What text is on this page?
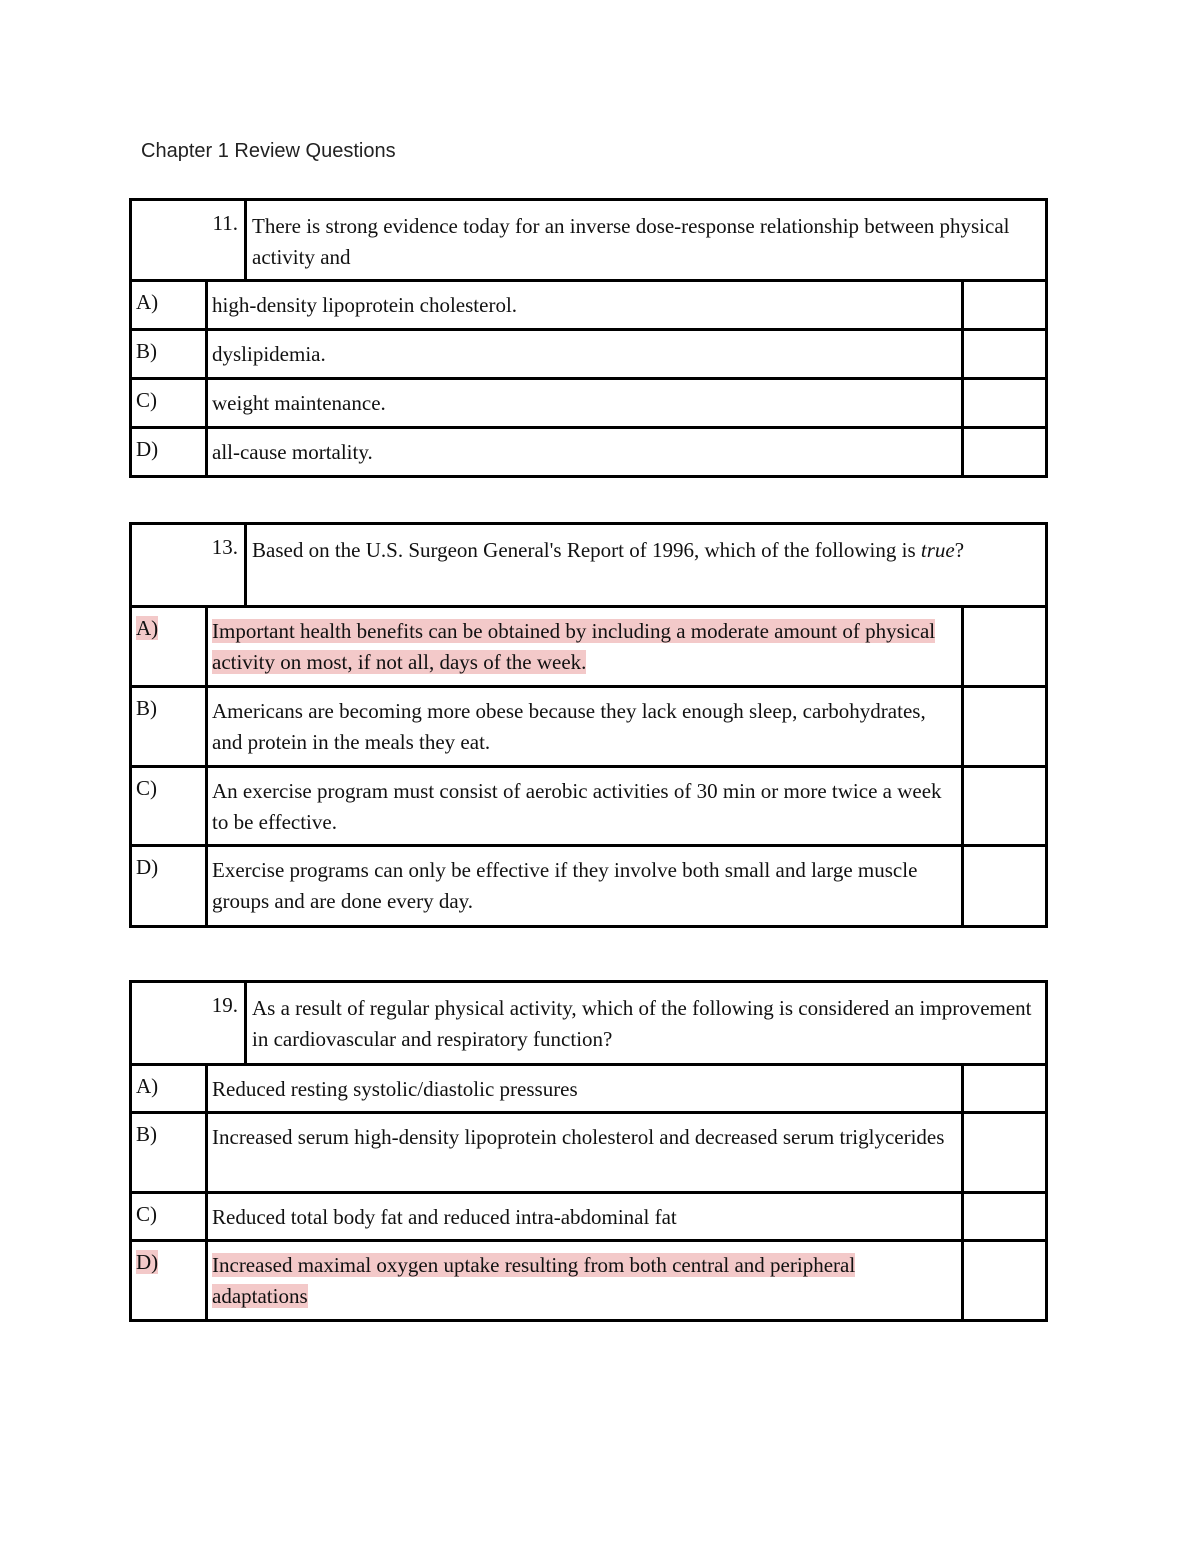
Chapter 1 Review Questions
11. There is strong evidence today for an inverse dose-response relationship between physical activity and
A)	high-density lipoprotein cholesterol.
B)	dyslipidemia.
C)	weight maintenance.
D)	all-cause mortality.
13. Based on the U.S. Surgeon General's Report of 1996, which of the following is true?
A)	Important health benefits can be obtained by including a moderate amount of physical activity on most, if not all, days of the week.
B)	Americans are becoming more obese because they lack enough sleep, carbohydrates, and protein in the meals they eat.
C)	An exercise program must consist of aerobic activities of 30 min or more twice a week to be effective.
D)	Exercise programs can only be effective if they involve both small and large muscle groups and are done every day.
19. As a result of regular physical activity, which of the following is considered an improvement in cardiovascular and respiratory function?
A)	Reduced resting systolic/diastolic pressures
B)	Increased serum high-density lipoprotein cholesterol and decreased serum triglycerides
C)	Reduced total body fat and reduced intra-abdominal fat
D)	Increased maximal oxygen uptake resulting from both central and peripheral adaptations
